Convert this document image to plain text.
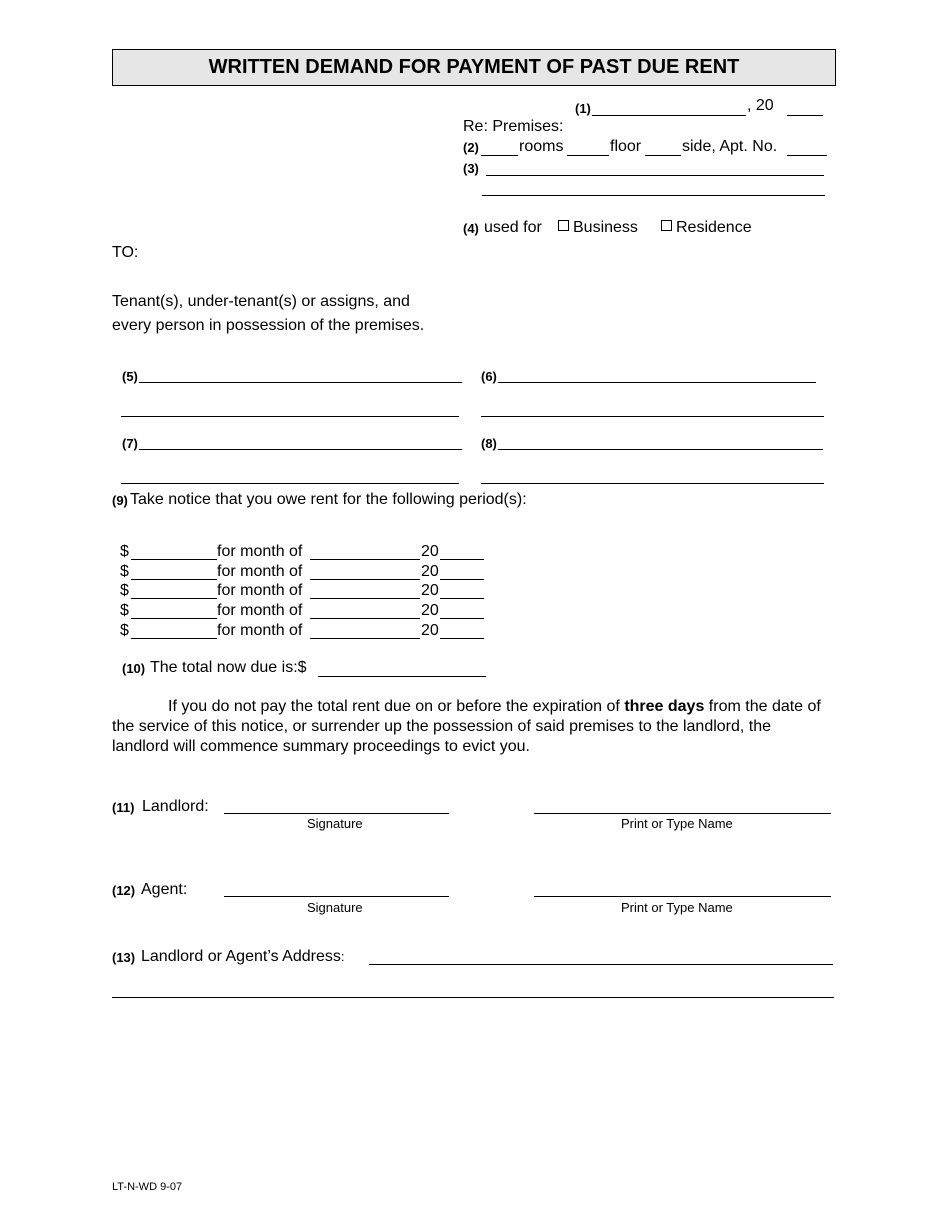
WRITTEN DEMAND FOR PAYMENT OF PAST DUE RENT
(1)	, 20
Re: Premises:
(2)	rooms	floor	side, Apt. No.
(3)
(4) used for	Business	Residence
TO:
Tenant(s), under-tenant(s) or assigns, and
every person in possession of the premises.
(5)	(6)
(7)	(8)
(9) Take notice that you owe rent for the following period(s):
$	for month of	20
$	for month of	20
$	for month of	20
$	for month of	20
$	for month of	20
(10) The total now due is:$
If you do not pay the total rent due on or before the expiration of three days from the date of the service of this notice, or surrender up the possession of said premises to the landlord, the landlord will commence summary proceedings to evict you.
(11) Landlord:
Signature	Print or Type Name
(12) Agent:
Signature	Print or Type Name
(13) Landlord or Agent’s Address:
LT-N-WD 9-07
